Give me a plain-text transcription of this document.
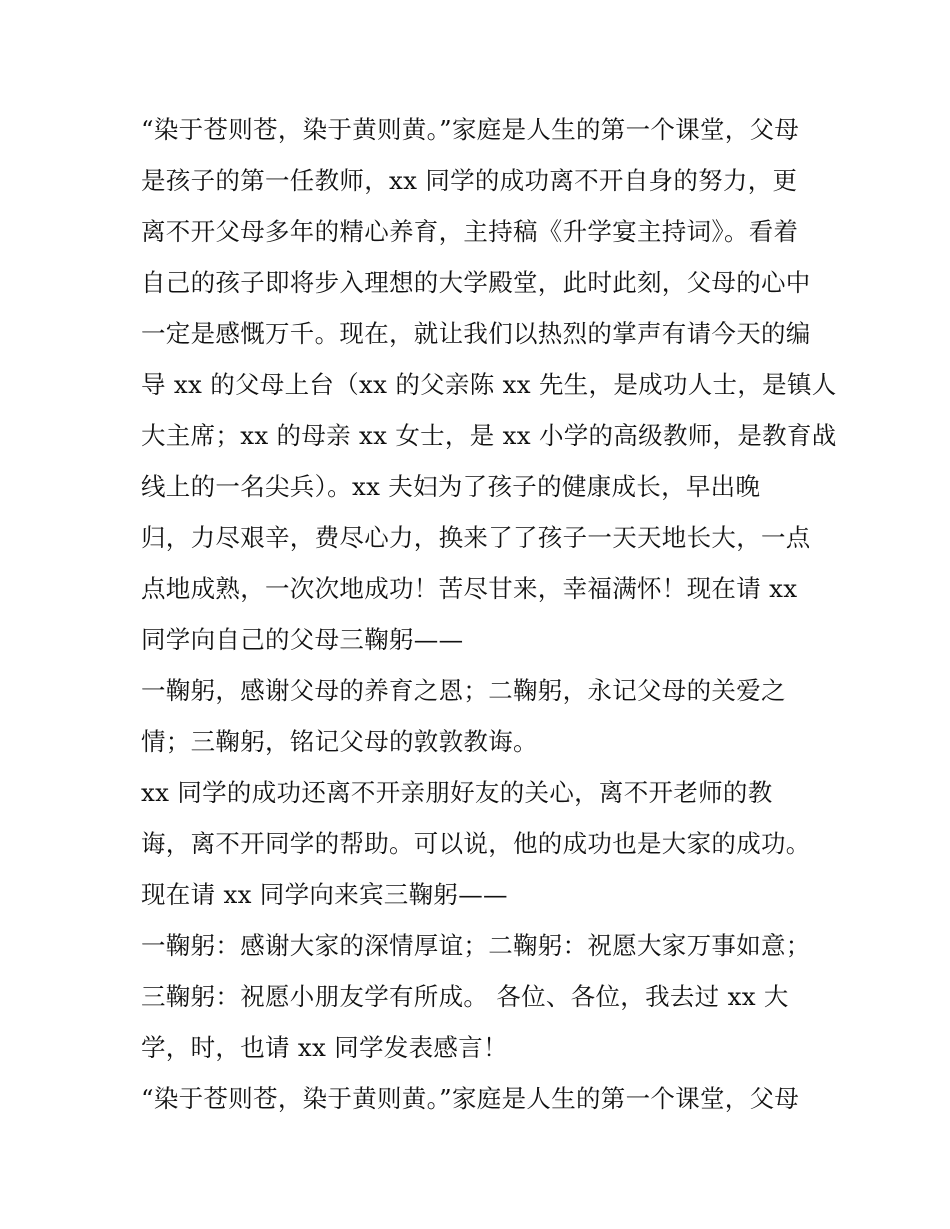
“染于苍则苍，染于黄则黄。”家庭是人生的第一个课堂，父母
是孩子的第一任教师，xx 同学的成功离不开自身的努力，更
离不开父母多年的精心养育，主持稿《升学宴主持词》。看着
自己的孩子即将步入理想的大学殿堂，此时此刻，父母的心中
一定是感慨万千。现在，就让我们以热烈的掌声有请今天的编
导 xx 的父母上台（xx 的父亲陈 xx 先生，是成功人士，是镇人
大主席；xx 的母亲 xx 女士，是 xx 小学的高级教师，是教育战
线上的一名尖兵）。xx 夫妇为了孩子的健康成长，早出晚
归，力尽艰辛，费尽心力，换来了了孩子一天天地长大，一点
点地成熟，一次次地成功！苦尽甘来，幸福满怀！现在请 xx
同学向自己的父母三鞠躬——
一鞠躬，感谢父母的养育之恩；二鞠躬，永记父母的关爱之
情；三鞠躬，铭记父母的敦敦教诲。
xx 同学的成功还离不开亲朋好友的关心，离不开老师的教
诲，离不开同学的帮助。可以说，他的成功也是大家的成功。
现在请 xx 同学向来宾三鞠躬——
一鞠躬：感谢大家的深情厚谊；二鞠躬：祝愿大家万事如意；
三鞠躬：祝愿小朋友学有所成。 各位、各位，我去过 xx 大
学，时，也请 xx 同学发表感言！
“染于苍则苍，染于黄则黄。”家庭是人生的第一个课堂，父母
